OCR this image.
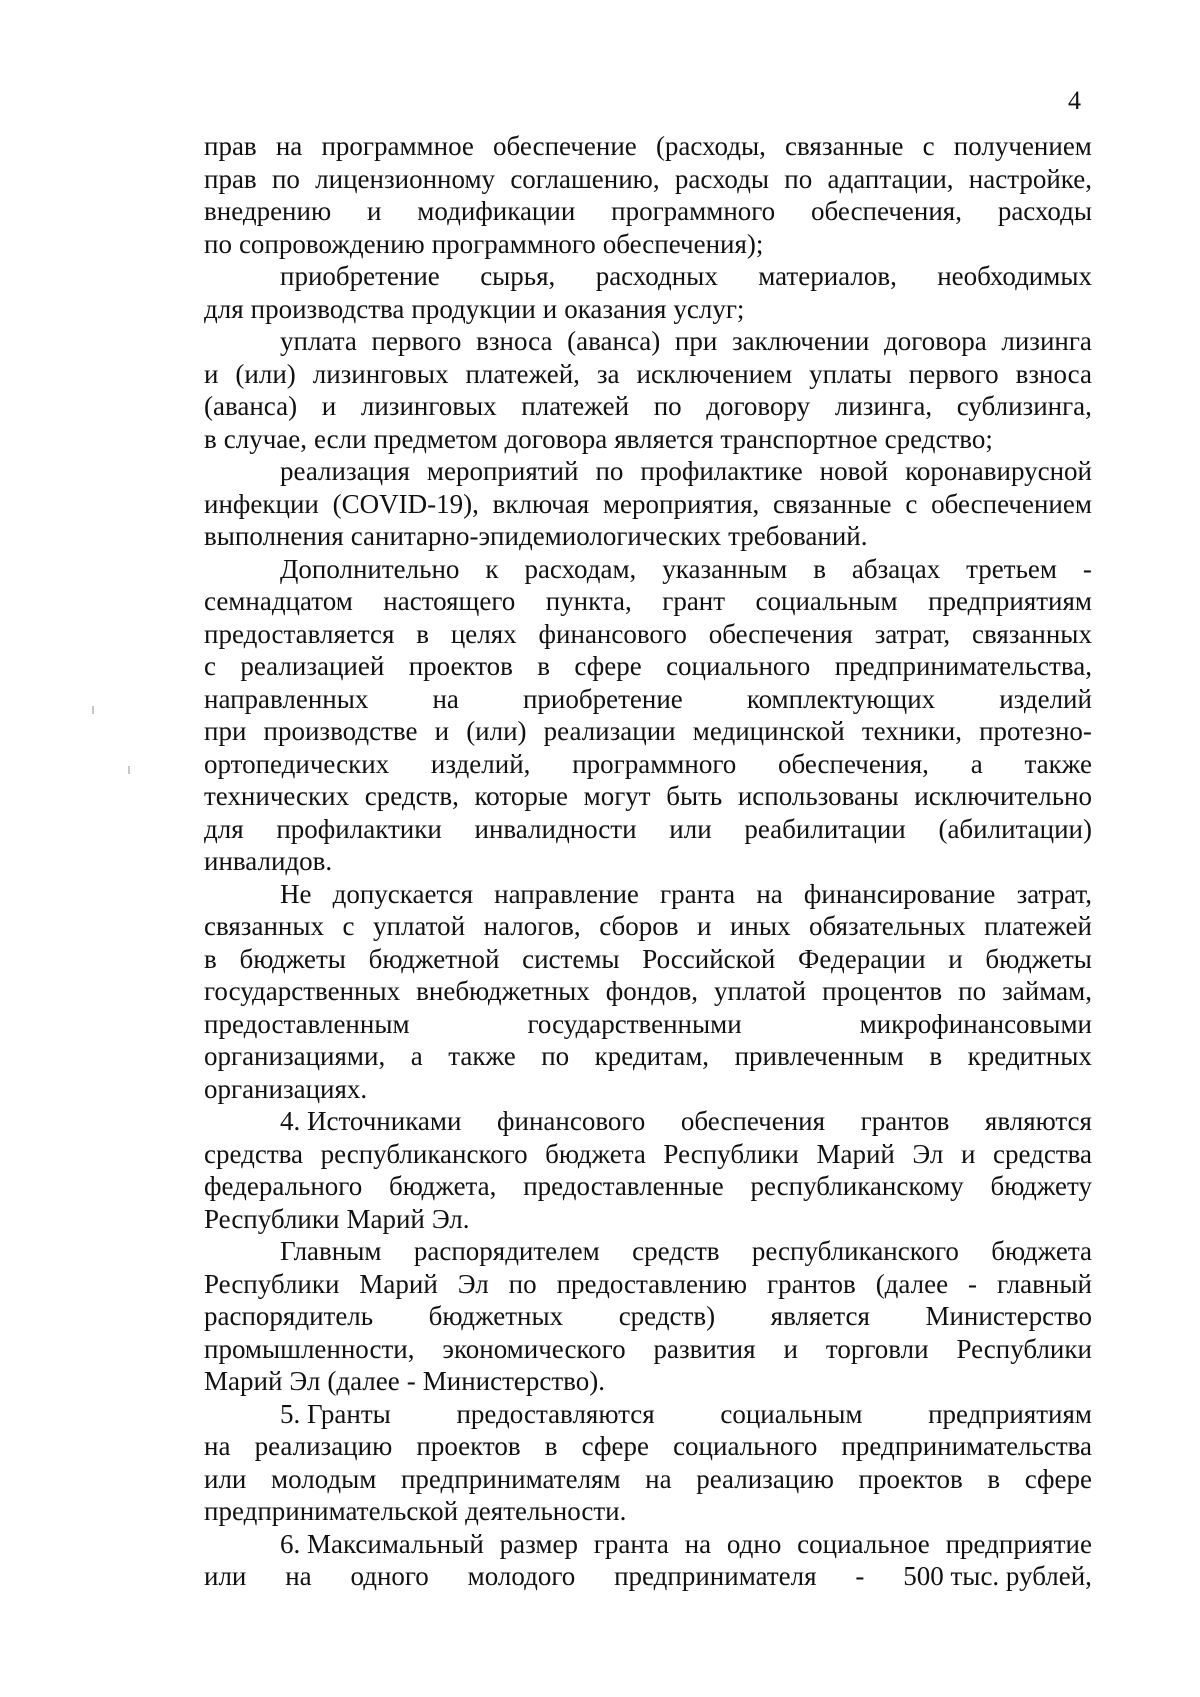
4
прав на программное обеспечение (расходы, связанные с получением
прав по лицензионному соглашению, расходы по адаптации, настройке,
внедрению и модификации программного обеспечения, расходы
по сопровождению программного обеспечения);
приобретение сырья, расходных материалов, необходимых
для производства продукции и оказания услуг;
уплата первого взноса (аванса) при заключении договора лизинга
и (или) лизинговых платежей, за исключением уплаты первого взноса
(аванса) и лизинговых платежей по договору лизинга, сублизинга,
в случае, если предметом договора является транспортное средство;
реализация мероприятий по профилактике новой коронавирусной
инфекции (COVID-19), включая мероприятия, связанные с обеспечением
выполнения санитарно-эпидемиологических требований.
Дополнительно к расходам, указанным в абзацах третьем -
семнадцатом настоящего пункта, грант социальным предприятиям
предоставляется в целях финансового обеспечения затрат, связанных
с реализацией проектов в сфере социального предпринимательства,
направленных на приобретение комплектующих изделий
при производстве и (или) реализации медицинской техники, протезно-
ортопедических изделий, программного обеспечения, а также
технических средств, которые могут быть использованы исключительно
для профилактики инвалидности или реабилитации (абилитации)
инвалидов.
Не допускается направление гранта на финансирование затрат,
связанных с уплатой налогов, сборов и иных обязательных платежей
в бюджеты бюджетной системы Российской Федерации и бюджеты
государственных внебюджетных фондов, уплатой процентов по займам,
предоставленным	государственными	микрофинансовыми
организациями, а также по кредитам, привлеченным в кредитных
организациях.
4. Источниками финансового обеспечения грантов являются
средства республиканского бюджета Республики Марий Эл и средства
федерального бюджета, предоставленные республиканскому бюджету
Республики Марий Эл.
Главным распорядителем средств республиканского бюджета
Республики Марий Эл по предоставлению грантов (далее - главный
распорядитель бюджетных средств) является Министерство
промышленности, экономического развития и торговли Республики
Марий Эл (далее - Министерство).
5. Гранты предоставляются социальным предприятиям
на реализацию проектов в сфере социального предпринимательства
или молодым предпринимателям на реализацию проектов в сфере
предпринимательской деятельности.
6. Максимальный размер гранта на одно социальное предприятие
или на одного молодого предпринимателя - 500 тыс. рублей,
